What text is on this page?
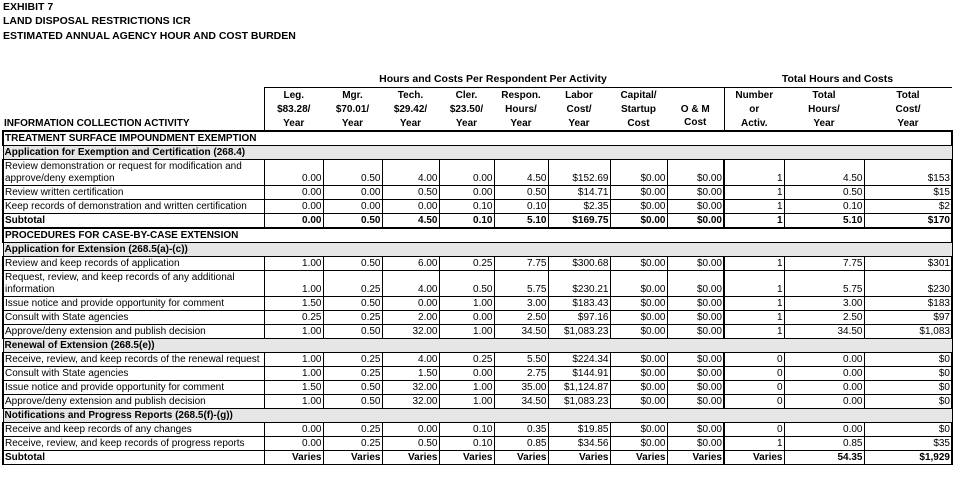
EXHIBIT 7
LAND DISPOSAL RESTRICTIONS ICR
ESTIMATED ANNUAL AGENCY HOUR AND COST BURDEN
Hours and Costs Per Respondent Per Activity	Total Hours and Costs
	Leg.	Mgr.	Tech.	Cler.	Respon.	Labor	Capital/		Number	Total	Total
	$83.28/	$70.01/	$29.42/	$23.50/	Hours/	Cost/	Startup	O & M	or	Hours/	Cost/
INFORMATION COLLECTION ACTIVITY	Year	Year	Year	Year	Year	Year	Cost	Cost	Activ.	Year	Year
TREATMENT SURFACE IMPOUNDMENT EXEMPTION											
Application for Exemption and Certification (268.4)											
Review demonstration or request for modification and approve/deny exemption	0.00	0.50	4.00	0.00	4.50	$152.69	$0.00	$0.00	1	4.50	$153
Review written certification	0.00	0.00	0.50	0.00	0.50	$14.71	$0.00	$0.00	1	0.50	$15
Keep records of demonstration and written certification	0.00	0.00	0.00	0.10	0.10	$2.35	$0.00	$0.00	1	0.10	$2
Subtotal	0.00	0.50	4.50	0.10	5.10	$169.75	$0.00	$0.00	1	5.10	$170
PROCEDURES FOR CASE-BY-CASE EXTENSION											
Application for Extension (268.5(a)-(c))											
Review and keep records of application	1.00	0.50	6.00	0.25	7.75	$300.68	$0.00	$0.00	1	7.75	$301
Request, review, and keep records of any additional information	1.00	0.25	4.00	0.50	5.75	$230.21	$0.00	$0.00	1	5.75	$230
Issue notice and provide opportunity for comment	1.50	0.50	0.00	1.00	3.00	$183.43	$0.00	$0.00	1	3.00	$183
Consult with State agencies	0.25	0.25	2.00	0.00	2.50	$97.16	$0.00	$0.00	1	2.50	$97
Approve/deny extension and publish decision	1.00	0.50	32.00	1.00	34.50	$1,083.23	$0.00	$0.00	1	34.50	$1,083
Renewal of Extension (268.5(e))											
Receive, review, and keep records of the renewal request	1.00	0.25	4.00	0.25	5.50	$224.34	$0.00	$0.00	0	0.00	$0
Consult with State agencies	1.00	0.25	1.50	0.00	2.75	$144.91	$0.00	$0.00	0	0.00	$0
Issue notice and provide opportunity for comment	1.50	0.50	32.00	1.00	35.00	$1,124.87	$0.00	$0.00	0	0.00	$0
Approve/deny extension and publish decision	1.00	0.50	32.00	1.00	34.50	$1,083.23	$0.00	$0.00	0	0.00	$0
Notifications and Progress Reports (268.5(f)-(g))											
Receive and keep records of any changes	0.00	0.25	0.00	0.10	0.35	$19.85	$0.00	$0.00	0	0.00	$0
Receive, review, and keep records of progress reports	0.00	0.25	0.50	0.10	0.85	$34.56	$0.00	$0.00	1	0.85	$35
Subtotal	Varies	Varies	Varies	Varies	Varies	Varies	Varies	Varies	Varies	54.35	$1,929
